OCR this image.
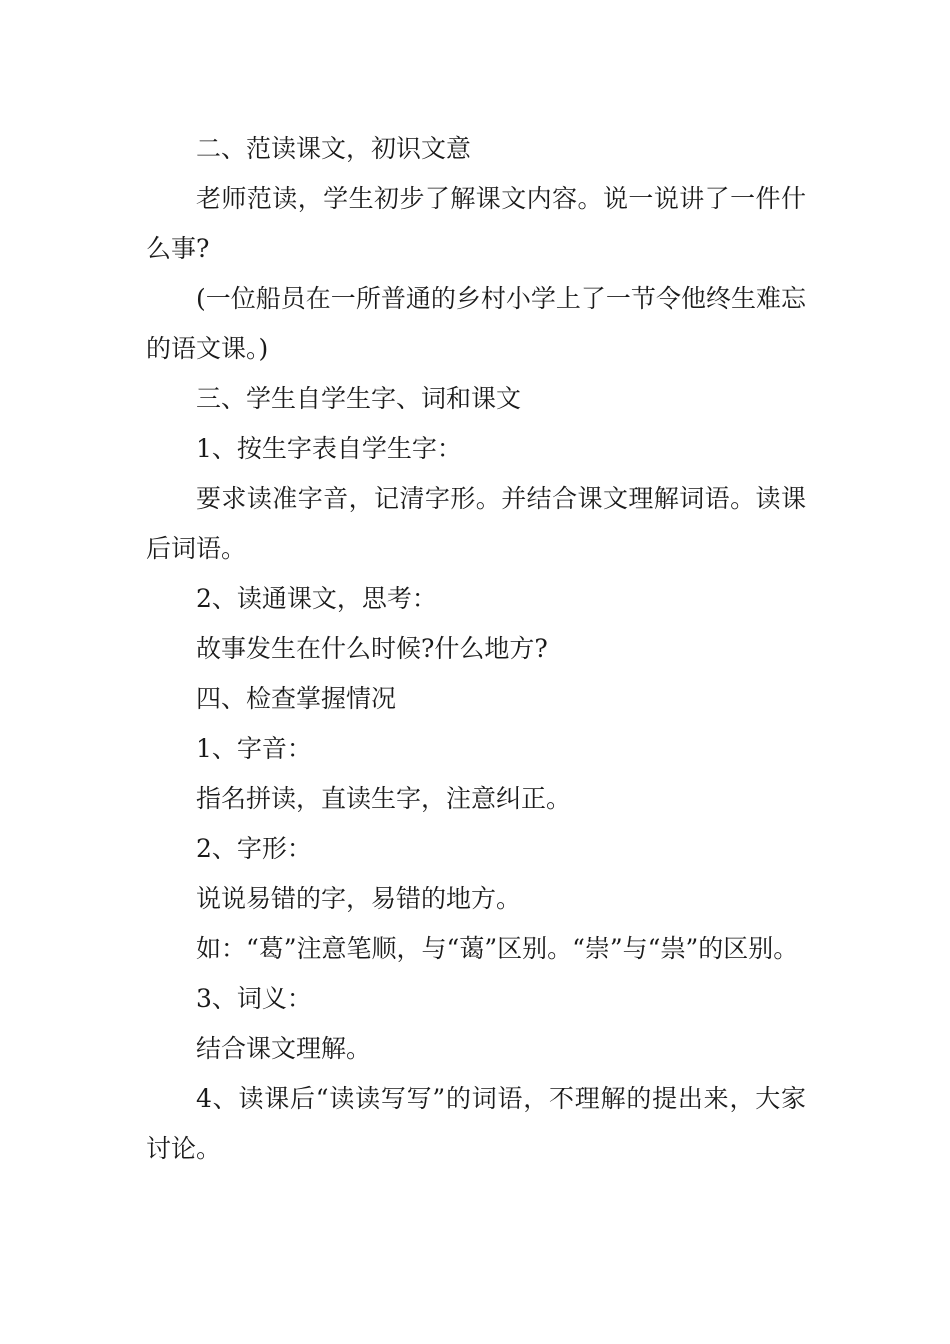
二、范读课文，初识文意

老师范读，学生初步了解课文内容。说一说讲了一件什么事?

(一位船员在一所普通的乡村小学上了一节令他终生难忘的语文课。)

三、学生自学生字、词和课文

1、按生字表自学生字：

要求读准字音，记清字形。并结合课文理解词语。读课后词语。

2、读通课文，思考：

故事发生在什么时候?什么地方?

四、检查掌握情况

1、字音：

指名拼读，直读生字，注意纠正。

2、字形：

说说易错的字，易错的地方。

如：“葛”注意笔顺，与“蔼”区别。“崇”与“祟”的区别。

3、词义：

结合课文理解。

4、读课后“读读写写”的词语，不理解的提出来，大家讨论。
